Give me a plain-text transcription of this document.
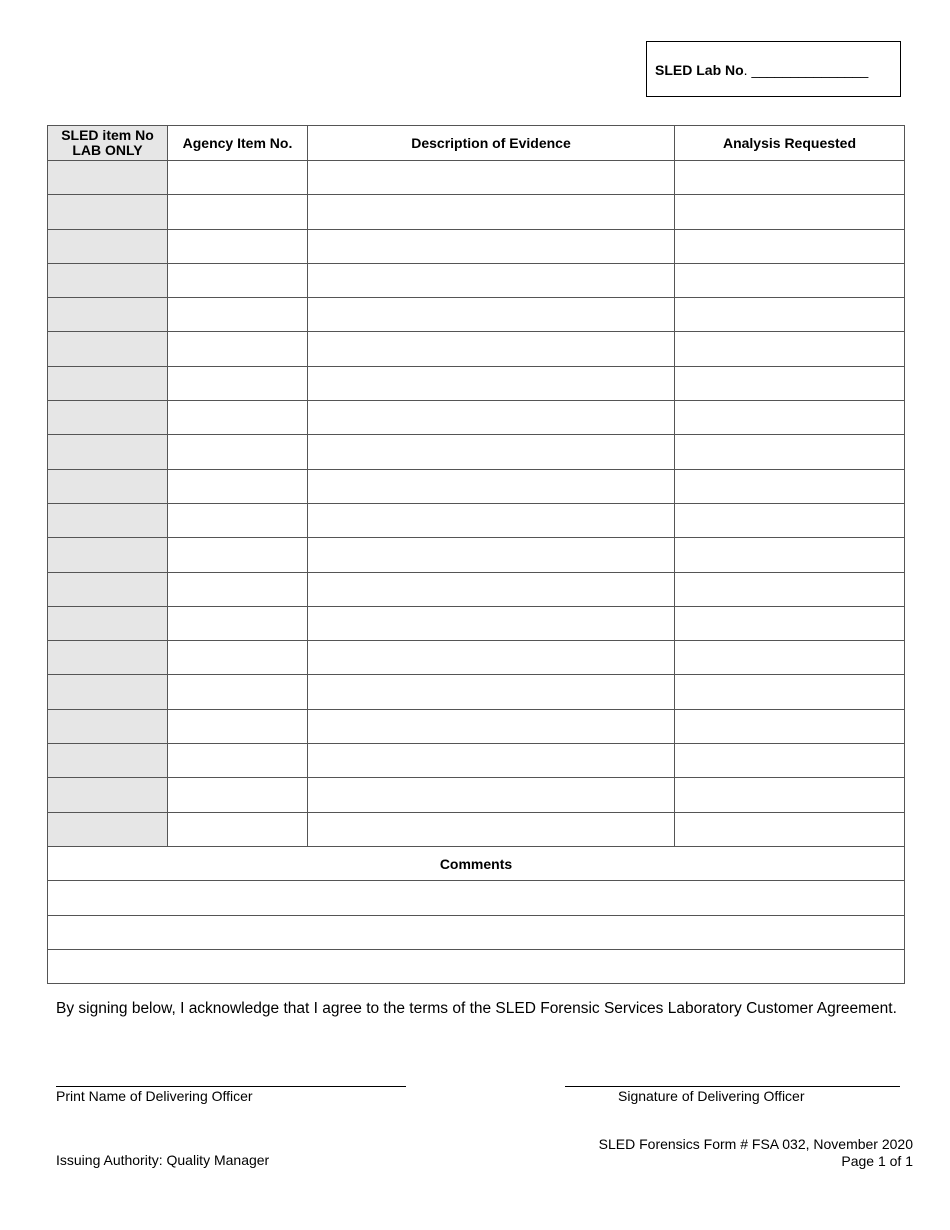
SLED Lab No. _______________
SLED item No
LAB ONLY	Agency Item No.	Description of Evidence	Analysis Requested

Comments			

By signing below, I acknowledge that I agree to the terms of the SLED Forensic Services Laboratory Customer Agreement.
Print Name of Delivering Officer	Signature of Delivering Officer
Issuing Authority: Quality Manager
SLED Forensics Form # FSA 032, November 2020
Page 1 of 1
